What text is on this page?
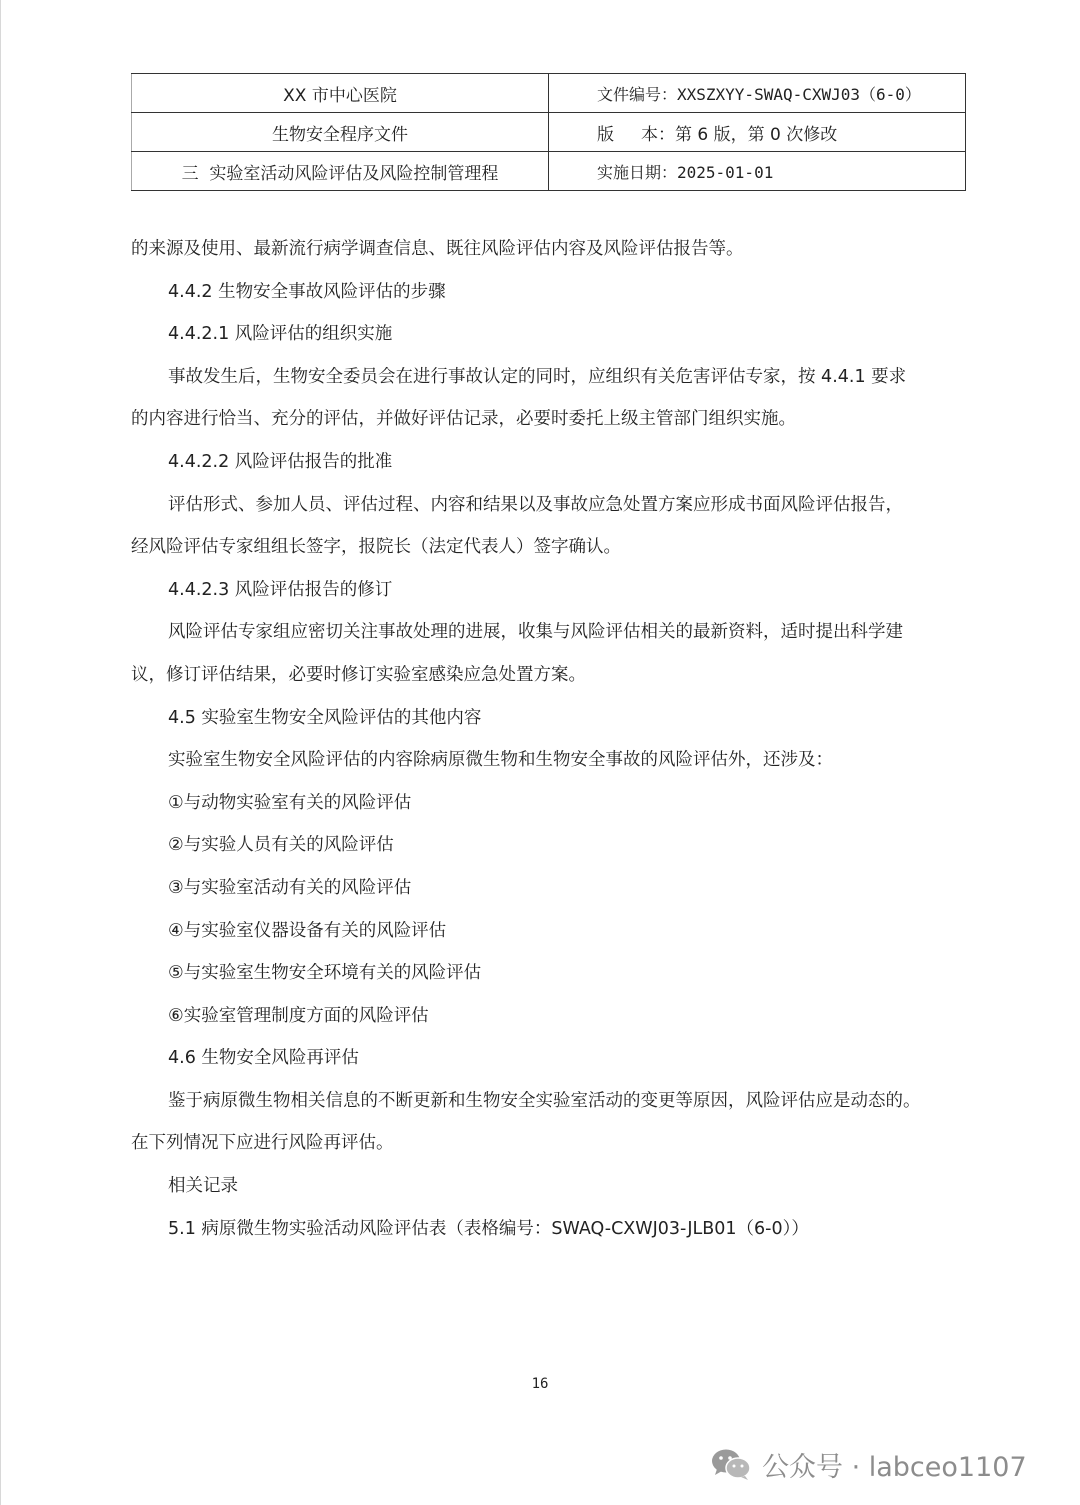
XX 市中心医院	文件编号：XXSZXYY-SWAQ-CXWJ03（6-0）
生物安全程序文件	版     本：第 6 版，第 0 次修改
三  实验室活动风险评估及风险控制管理程	实施日期：2025-01-01
的来源及使用、最新流行病学调查信息、既往风险评估内容及风险评估报告等。
4.4.2 生物安全事故风险评估的步骤
4.4.2.1 风险评估的组织实施
事故发生后，生物安全委员会在进行事故认定的同时，应组织有关危害评估专家，按 4.4.1 要求
的内容进行恰当、充分的评估，并做好评估记录，必要时委托上级主管部门组织实施。
4.4.2.2 风险评估报告的批准
评估形式、参加人员、评估过程、内容和结果以及事故应急处置方案应形成书面风险评估报告，
经风险评估专家组组长签字，报院长（法定代表人）签字确认。
4.4.2.3 风险评估报告的修订
风险评估专家组应密切关注事故处理的进展，收集与风险评估相关的最新资料，适时提出科学建
议，修订评估结果，必要时修订实验室感染应急处置方案。
4.5 实验室生物安全风险评估的其他内容
实验室生物安全风险评估的内容除病原微生物和生物安全事故的风险评估外，还涉及：
①与动物实验室有关的风险评估
②与实验人员有关的风险评估
③与实验室活动有关的风险评估
④与实验室仪器设备有关的风险评估
⑤与实验室生物安全环境有关的风险评估
⑥实验室管理制度方面的风险评估
4.6 生物安全风险再评估
鉴于病原微生物相关信息的不断更新和生物安全实验室活动的变更等原因，风险评估应是动态的。
在下列情况下应进行风险再评估。
相关记录
5.1 病原微生物实验活动风险评估表（表格编号：SWAQ-CXWJ03-JLB01（6-0））
16
公众号 · labceo1107
